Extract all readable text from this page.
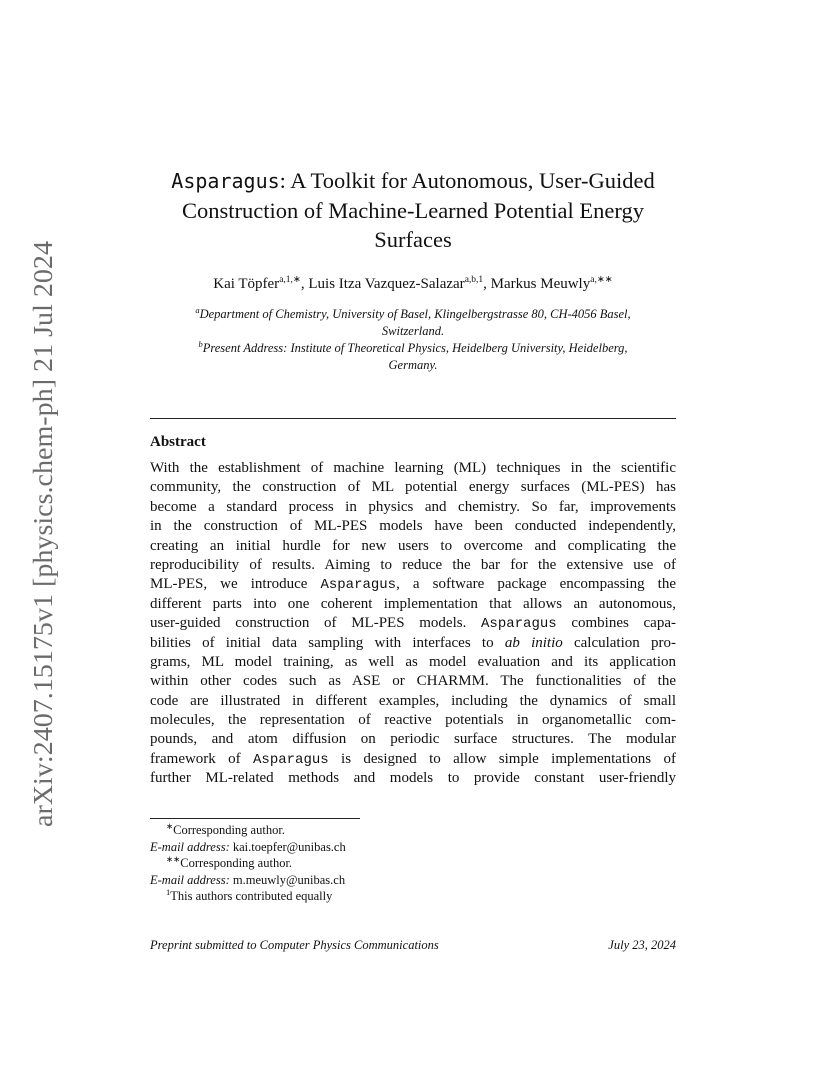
arXiv:2407.15175v1 [physics.chem-ph] 21 Jul 2024
Asparagus: A Toolkit for Autonomous, User-Guided
Construction of Machine-Learned Potential Energy
Surfaces
Kai Töpfer$^{a,1,∗}$, Luis Itza Vazquez-Salazar$^{a,b,1}$, Markus Meuwly$^{a,∗∗}$
$^a$Department of Chemistry, University of Basel, Klingelbergstrasse 80, CH-4056 Basel,
Switzerland.
$^b$Present Address: Institute of Theoretical Physics, Heidelberg University, Heidelberg,
Germany.
Abstract
With the establishment of machine learning (ML) techniques in the scientific
community, the construction of ML potential energy surfaces (ML-PES) has
become a standard process in physics and chemistry. So far, improvements
in the construction of ML-PES models have been conducted independently,
creating an initial hurdle for new users to overcome and complicating the
reproducibility of results. Aiming to reduce the bar for the extensive use of
ML-PES, we introduce Asparagus, a software package encompassing the
different parts into one coherent implementation that allows an autonomous,
user-guided construction of ML-PES models. Asparagus combines capa-
bilities of initial data sampling with interfaces to ab initio calculation pro-
grams, ML model training, as well as model evaluation and its application
within other codes such as ASE or CHARMM. The functionalities of the
code are illustrated in different examples, including the dynamics of small
molecules, the representation of reactive potentials in organometallic com-
pounds, and atom diffusion on periodic surface structures. The modular
framework of Asparagus is designed to allow simple implementations of
further ML-related methods and models to provide constant user-friendly
∗Corresponding author.
E-mail address: kai.toepfer@unibas.ch
∗∗Corresponding author.
E-mail address: m.meuwly@unibas.ch
$^1$This authors contributed equally
Preprint submitted to Computer Physics Communications	July 23, 2024
